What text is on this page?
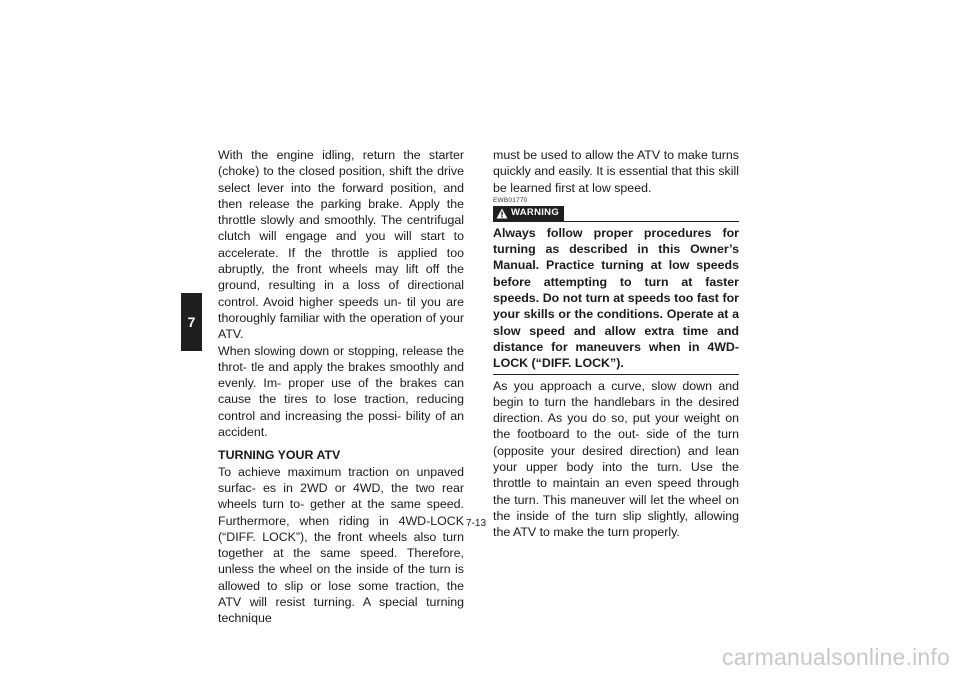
7

With the engine idling, return the starter (choke) to the closed position, shift the drive select lever into the forward position, and then release the parking brake. Apply the throttle slowly and smoothly. The centrifugal clutch will engage and you will start to accelerate. If the throttle is applied too abruptly, the front wheels may lift off the ground, resulting in a loss of directional control. Avoid higher speeds un- til you are thoroughly familiar with the operation of your ATV.

When slowing down or stopping, release the throt- tle and apply the brakes smoothly and evenly. Im- proper use of the brakes can cause the tires to lose traction, reducing control and increasing the possi- bility of an accident.

TURNING YOUR ATV

To achieve maximum traction on unpaved surfac- es in 2WD or 4WD, the two rear wheels turn to- gether at the same speed. Furthermore, when riding in 4WD-LOCK (“DIFF. LOCK”), the front wheels also turn together at the same speed. Therefore, unless the wheel on the inside of the turn is allowed to slip or lose some traction, the ATV will resist turning. A special turning technique

must be used to allow the ATV to make turns quickly and easily. It is essential that this skill be learned first at low speed.

EWB01770

WARNING

Always follow proper procedures for turning as described in this Owner’s Manual. Practice turning at low speeds before attempting to turn at faster speeds. Do not turn at speeds too fast for your skills or the conditions. Operate at a slow speed and allow extra time and distance for maneuvers when in 4WD-LOCK (“DIFF. LOCK”).

As you approach a curve, slow down and begin to turn the handlebars in the desired direction. As you do so, put your weight on the footboard to the out- side of the turn (opposite your desired direction) and lean your upper body into the turn. Use the throttle to maintain an even speed through the turn. This maneuver will let the wheel on the inside of the turn slip slightly, allowing the ATV to make the turn properly.

7-13
carmanualsonline.info
